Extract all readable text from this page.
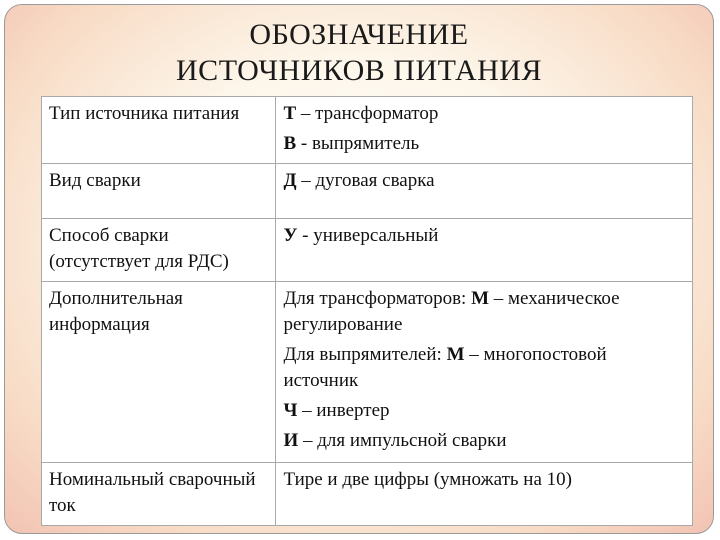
ОБОЗНАЧЕНИЕ
ИСТОЧНИКОВ ПИТАНИЯ
Тип источника питания	Т – трансформатор
В - выпрямитель

Вид сварки	Д – дуговая сварка

Способ сварки (отсутствует для РДС)	У - универсальный

Дополнительная информация	Для трансформаторов: М – механическое регулирование
Для выпрямителей: М – многопостовой источник
Ч – инвертер
И – для импульсной сварки

Номинальный сварочный ток	Тире и две цифры (умножать на 10)
